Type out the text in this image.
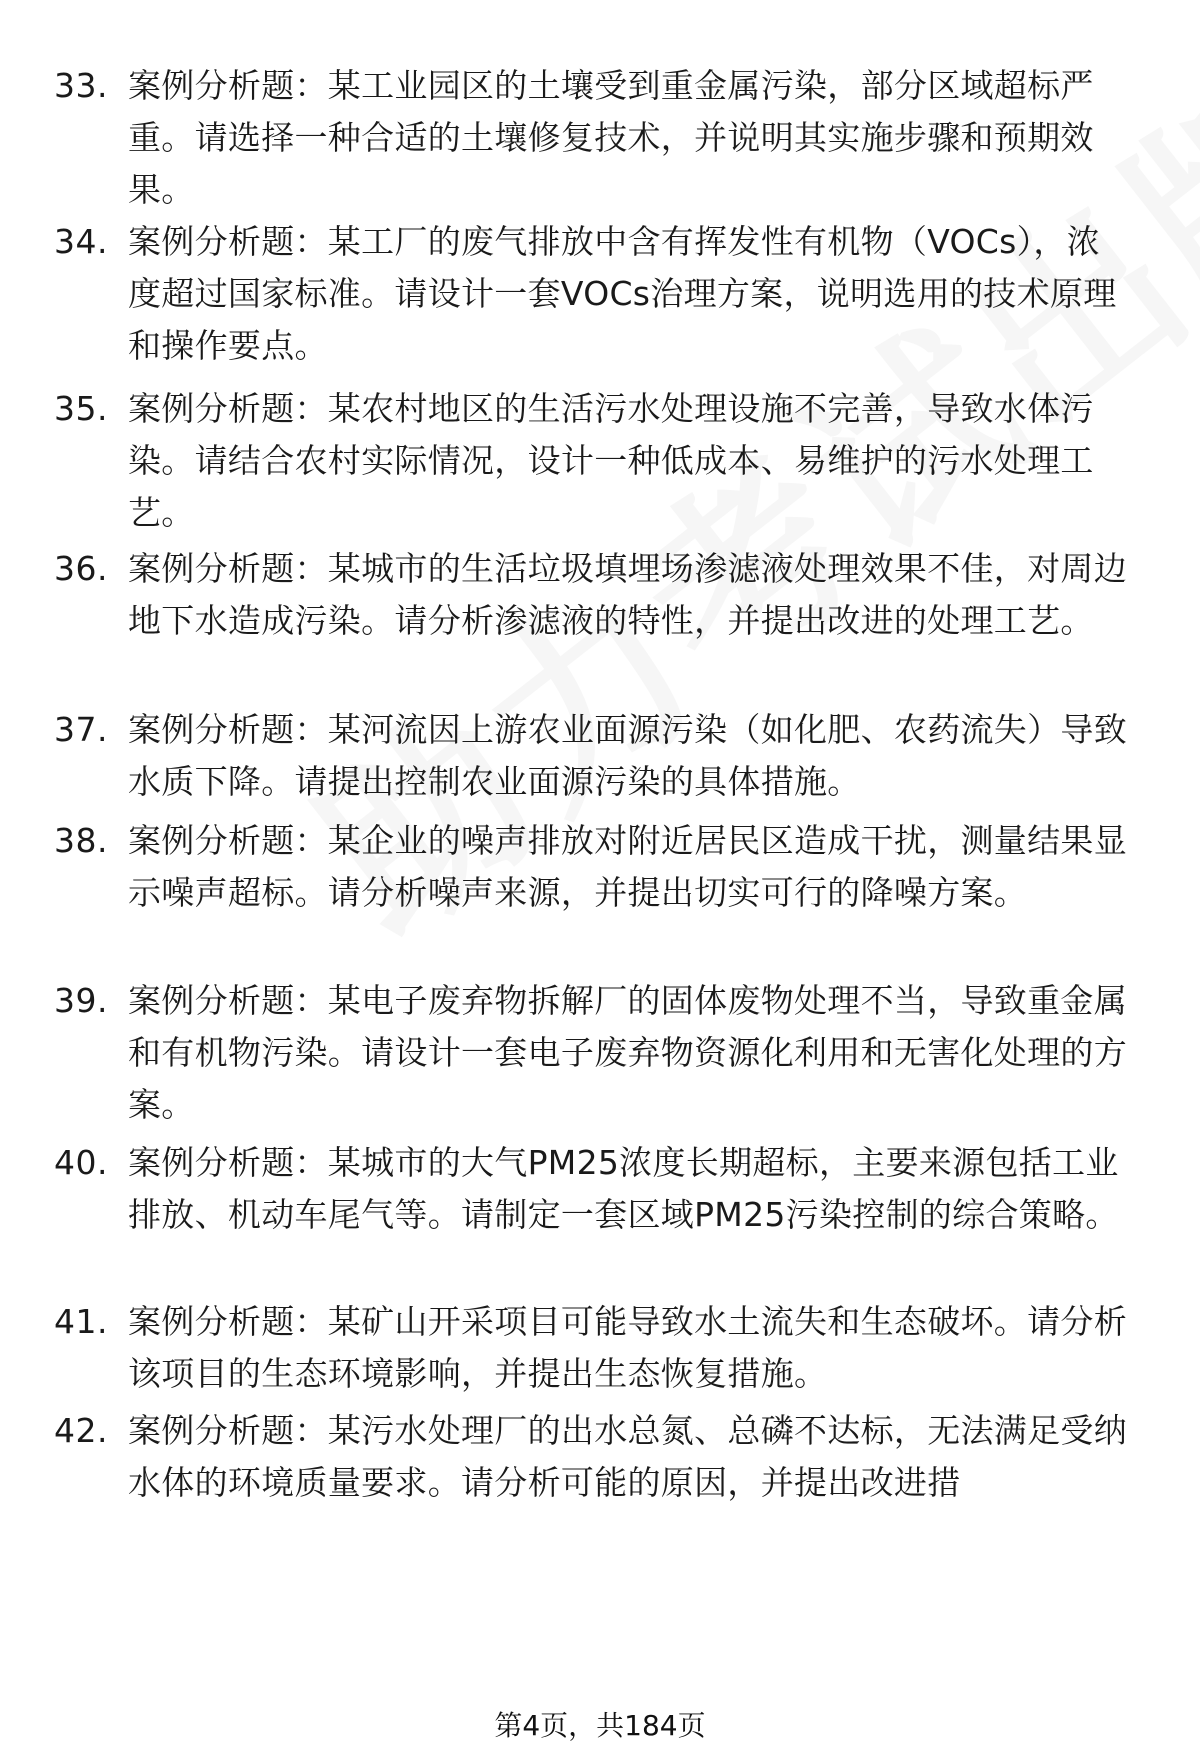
33. 案例分析题：某工业园区的土壤受到重金属污染，部分区域超标严重。请选择一种合适的土壤修复技术，并说明其实施步骤和预期效果。
34. 案例分析题：某工厂的废气排放中含有挥发性有机物（VOCs），浓度超过国家标准。请设计一套VOCs治理方案，说明选用的技术原理和操作要点。
35. 案例分析题：某农村地区的生活污水处理设施不完善，导致水体污染。请结合农村实际情况，设计一种低成本、易维护的污水处理工艺。
36. 案例分析题：某城市的生活垃圾填埋场渗滤液处理效果不佳，对周边地下水造成污染。请分析渗滤液的特性，并提出改进的处理工艺。
37. 案例分析题：某河流因上游农业面源污染（如化肥、农药流失）导致水质下降。请提出控制农业面源污染的具体措施。
38. 案例分析题：某企业的噪声排放对附近居民区造成干扰，测量结果显示噪声超标。请分析噪声来源，并提出切实可行的降噪方案。
39. 案例分析题：某电子废弃物拆解厂的固体废物处理不当，导致重金属和有机物污染。请设计一套电子废弃物资源化利用和无害化处理的方案。
40. 案例分析题：某城市的大气PM25浓度长期超标，主要来源包括工业排放、机动车尾气等。请制定一套区域PM25污染控制的综合策略。
41. 案例分析题：某矿山开采项目可能导致水土流失和生态破坏。请分析该项目的生态环境影响，并提出生态恢复措施。
42. 案例分析题：某污水处理厂的出水总氮、总磷不达标，无法满足受纳水体的环境质量要求。请分析可能的原因，并提出改进措
第4页，共184页
